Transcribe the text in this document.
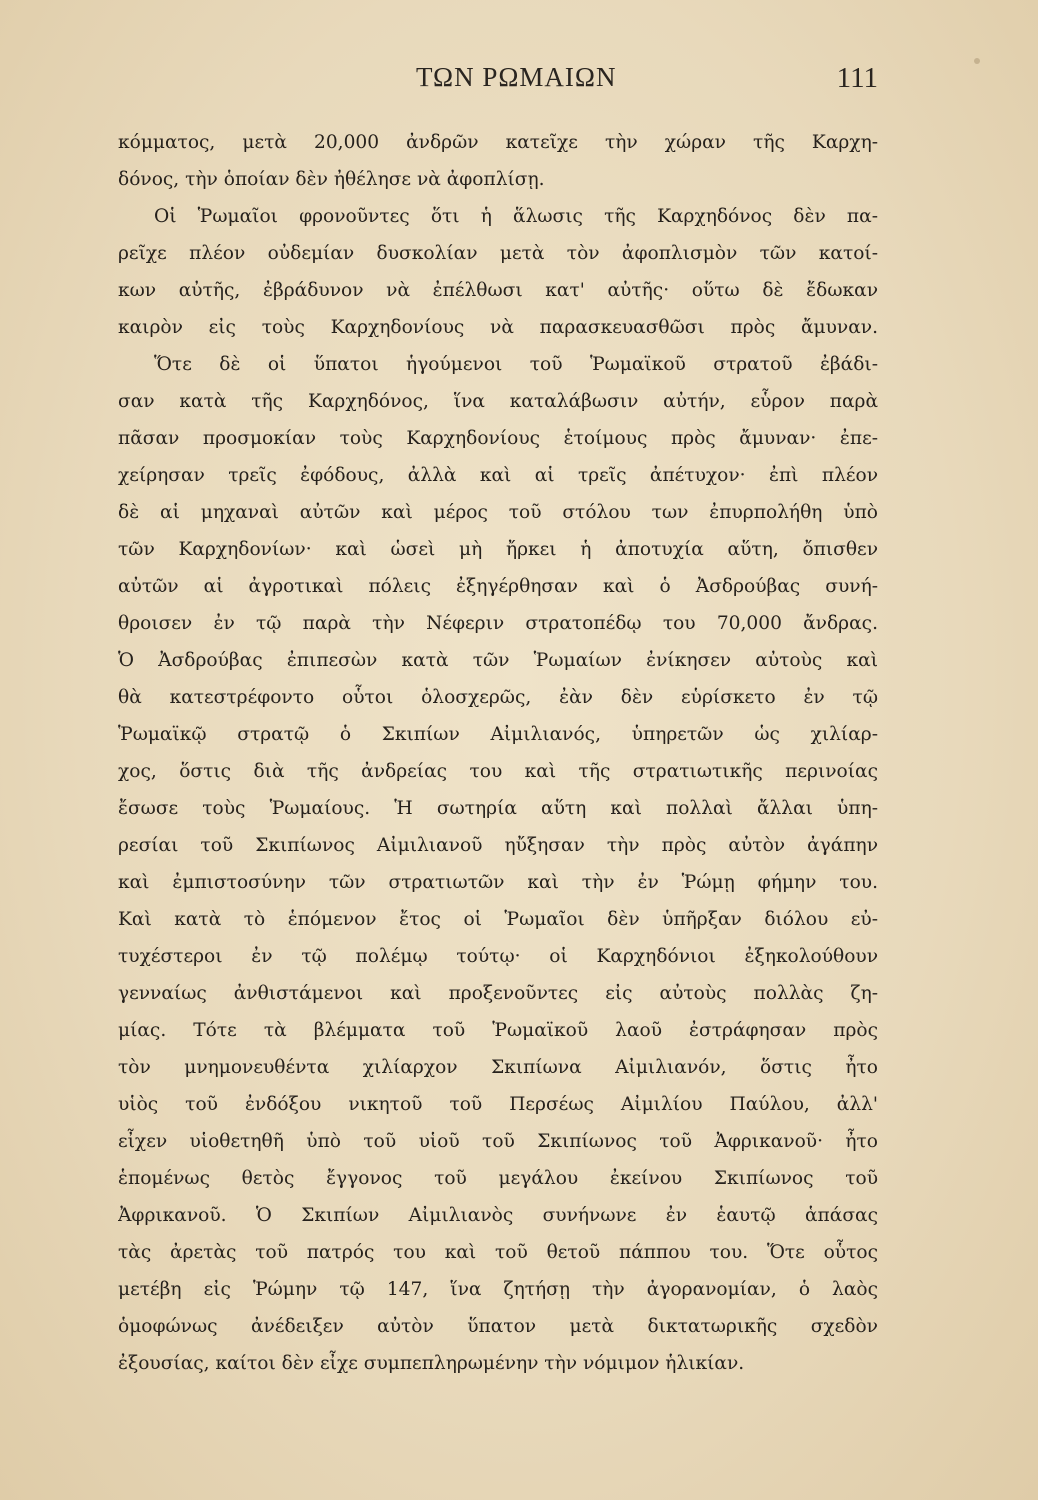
ΤΩΝ ΡΩΜΑΙΩΝ	111
κόμματος, μετὰ 20,000 ἀνδρῶν κατεῖχε τὴν χώραν τῆς Καρχη-
δόνος, τὴν ὁποίαν δὲν ἠθέλησε νὰ ἀφοπλίσῃ.
Οἱ Ῥωμαῖοι φρονοῦντες ὅτι ἡ ἅλωσις τῆς Καρχηδόνος δὲν πα-
ρεῖχε πλέον οὐδεμίαν δυσκολίαν μετὰ τὸν ἀφοπλισμὸν τῶν κατοί-
κων αὐτῆς, ἐβράδυνον νὰ ἐπέλθωσι κατ' αὐτῆς· οὕτω δὲ ἔδωκαν
καιρὸν εἰς τοὺς Καρχηδονίους νὰ παρασκευασθῶσι πρὸς ἄμυναν.
Ὅτε δὲ οἱ ὕπατοι ἡγούμενοι τοῦ Ῥωμαϊκοῦ στρατοῦ ἐβάδι-
σαν κατὰ τῆς Καρχηδόνος, ἵνα καταλάβωσιν αὐτήν, εὗρον παρὰ
πᾶσαν προσμοκίαν τοὺς Καρχηδονίους ἑτοίμους πρὸς ἄμυναν· ἐπε-
χείρησαν τρεῖς ἐφόδους, ἀλλὰ καὶ αἱ τρεῖς ἀπέτυχον· ἐπὶ πλέον
δὲ αἱ μηχαναὶ αὐτῶν καὶ μέρος τοῦ στόλου των ἐπυρπολήθη ὑπὸ
τῶν Καρχηδονίων· καὶ ὡσεὶ μὴ ἤρκει ἡ ἀποτυχία αὕτη, ὄπισθεν
αὐτῶν αἱ ἀγροτικαὶ πόλεις ἐξηγέρθησαν καὶ ὁ Ἀσδρούβας συνή-
θροισεν ἐν τῷ παρὰ τὴν Νέφεριν στρατοπέδῳ του 70,000 ἄνδρας.
Ὁ Ἀσδρούβας ἐπιπεσὼν κατὰ τῶν Ῥωμαίων ἐνίκησεν αὐτοὺς καὶ
θὰ κατεστρέφοντο οὗτοι ὁλοσχερῶς, ἐὰν δὲν εὑρίσκετο ἐν τῷ
Ῥωμαϊκῷ στρατῷ ὁ Σκιπίων Αἰμιλιανός, ὑπηρετῶν ὡς χιλίαρ-
χος, ὅστις διὰ τῆς ἀνδρείας του καὶ τῆς στρατιωτικῆς περινοίας
ἔσωσε τοὺς Ῥωμαίους. Ἡ σωτηρία αὕτη καὶ πολλαὶ ἄλλαι ὑπη-
ρεσίαι τοῦ Σκιπίωνος Αἰμιλιανοῦ ηὔξησαν τὴν πρὸς αὐτὸν ἀγάπην
καὶ ἐμπιστοσύνην τῶν στρατιωτῶν καὶ τὴν ἐν Ῥώμῃ φήμην του.
Καὶ κατὰ τὸ ἑπόμενον ἔτος οἱ Ῥωμαῖοι δὲν ὑπῆρξαν διόλου εὐ-
τυχέστεροι ἐν τῷ πολέμῳ τούτῳ· οἱ Καρχηδόνιοι ἐξηκολούθουν
γενναίως ἀνθιστάμενοι καὶ προξενοῦντες εἰς αὐτοὺς πολλὰς ζη-
μίας. Τότε τὰ βλέμματα τοῦ Ῥωμαϊκοῦ λαοῦ ἐστράφησαν πρὸς
τὸν μνημονευθέντα χιλίαρχον Σκιπίωνα Αἰμιλιανόν, ὅστις ἦτο
υἱὸς τοῦ ἐνδόξου νικητοῦ τοῦ Περσέως Αἰμιλίου Παύλου, ἀλλ'
εἶχεν υἱοθετηθῆ ὑπὸ τοῦ υἱοῦ τοῦ Σκιπίωνος τοῦ Ἀφρικανοῦ· ἦτο
ἑπομένως θετὸς ἔγγονος τοῦ μεγάλου ἐκείνου Σκιπίωνος τοῦ
Ἀφρικανοῦ. Ὁ Σκιπίων Αἰμιλιανὸς συνήνωνε ἐν ἑαυτῷ ἁπάσας
τὰς ἀρετὰς τοῦ πατρός του καὶ τοῦ θετοῦ πάππου του. Ὅτε οὗτος
μετέβη εἰς Ῥώμην τῷ 147, ἵνα ζητήσῃ τὴν ἀγορανομίαν, ὁ λαὸς
ὁμοφώνως ἀνέδειξεν αὐτὸν ὕπατον μετὰ δικτατωρικῆς σχεδὸν
ἐξουσίας, καίτοι δὲν εἶχε συμπεπληρωμένην τὴν νόμιμον ἡλικίαν.
